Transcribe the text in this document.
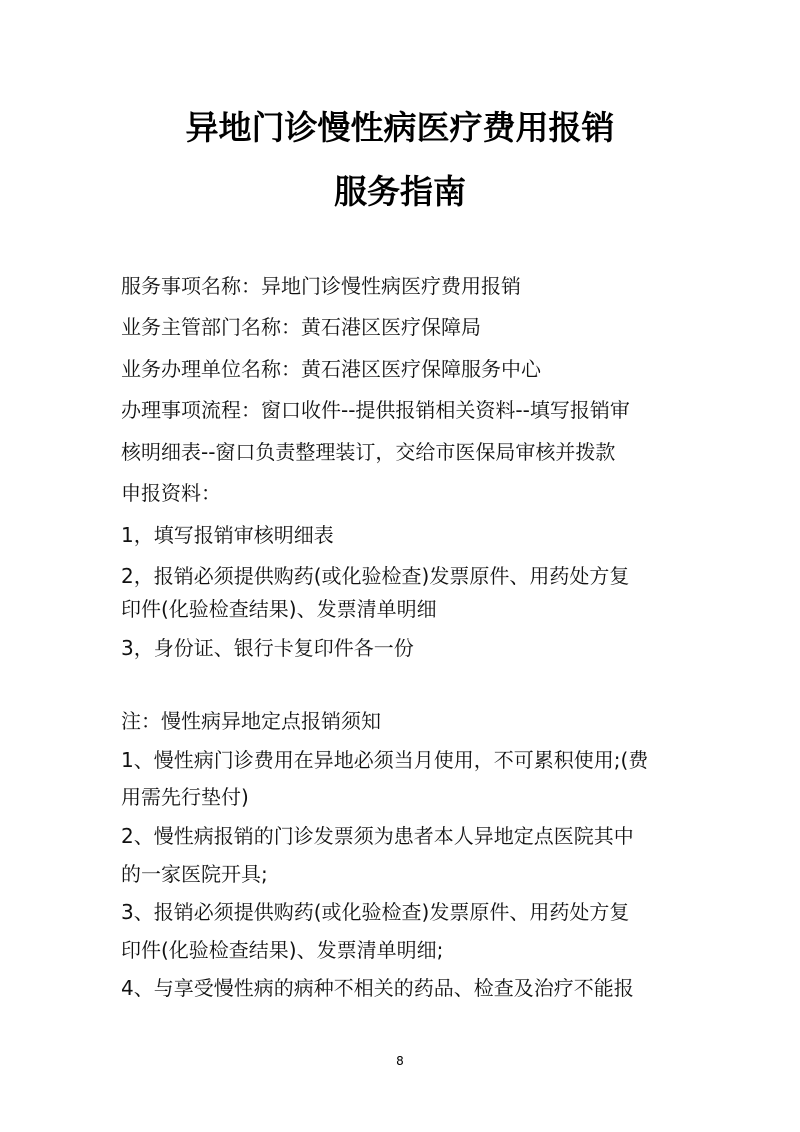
异地门诊慢性病医疗费用报销
服务指南
服务事项名称：异地门诊慢性病医疗费用报销
业务主管部门名称：黄石港区医疗保障局
业务办理单位名称：黄石港区医疗保障服务中心
办理事项流程：窗口收件--提供报销相关资料--填写报销审
核明细表--窗口负责整理装订，交给市医保局审核并拨款
申报资料：
1，填写报销审核明细表
2，报销必须提供购药(或化验检查)发票原件、用药处方复
印件(化验检查结果)、发票清单明细
3，身份证、银行卡复印件各一份
注：慢性病异地定点报销须知
1、慢性病门诊费用在异地必须当月使用，不可累积使用;(费
用需先行垫付)
2、慢性病报销的门诊发票须为患者本人异地定点医院其中
的一家医院开具;
3、报销必须提供购药(或化验检查)发票原件、用药处方复
印件(化验检查结果)、发票清单明细;
4、与享受慢性病的病种不相关的药品、检查及治疗不能报
8
